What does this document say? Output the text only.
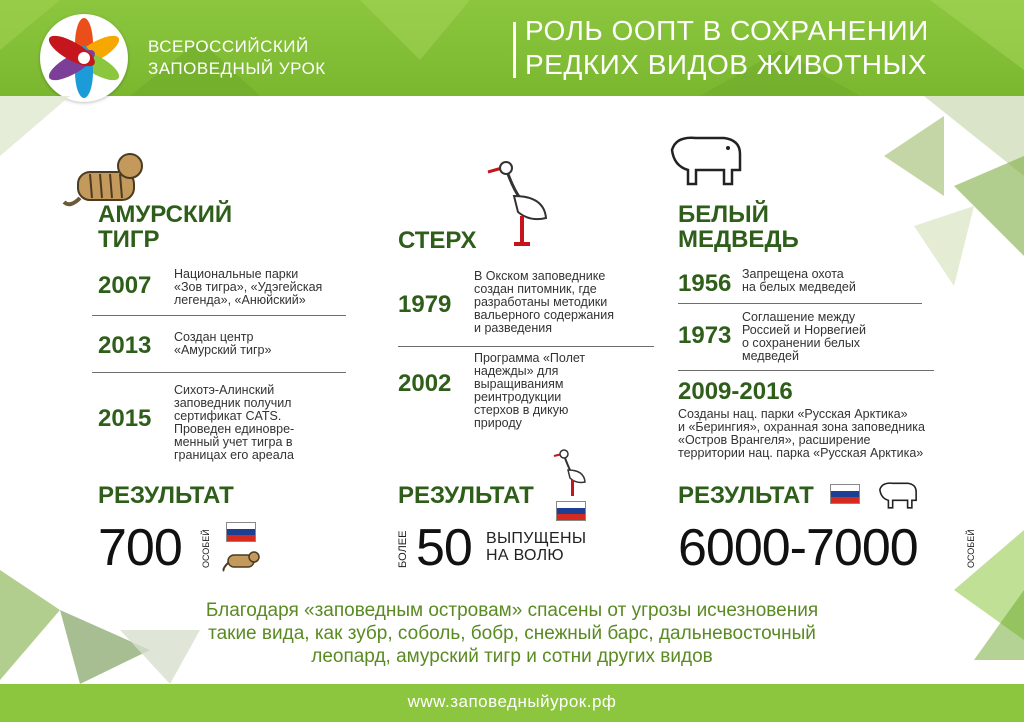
ВСЕРОССИЙСКИЙ
ЗАПОВЕДНЫЙ УРОК
РОЛЬ ООПТ В СОХРАНЕНИИ
РЕДКИХ ВИДОВ ЖИВОТНЫХ
АМУРСКИЙ
ТИГР
2007 Национальные парки
«Зов тигра», «Удэгейская
легенда», «Анюйский»
2013 Создан центр
«Амурский тигр»
2015
Сихотэ-Алинский
заповедник получил
сертификат CATS.
Проведен единовре-
менный учет тигра в
границах его ареала
РЕЗУЛЬТАТ
700 ОСОБЕЙ
СТЕРХ
В Окском заповеднике
создан питомник, где
разработаны методики
вальерного содержания
и разведения
1979
2002
Программа «Полет
надежды» для
выращиваниям
реинтродукции
стерхов в дикую
природу
РЕЗУЛЬТАТ
БОЛЕЕ 50 ВЫПУЩЕНЫ
НА ВОЛЮ
БЕЛЫЙ
МЕДВЕДЬ
1956 Запрещена охота
на белых медведей
1973
Соглашение между
Россией и Норвегией
о сохранении белых
медведей
2009-2016
Созданы нац. парки «Русская Арктика»
и «Берингия», охранная зона заповедника
«Остров Врангеля», расширение
территории нац. парка «Русская Арктика»
РЕЗУЛЬТАТ
6000-7000	ОСОБЕЙ
Благодаря «заповедным островам» спасены от угрозы исчезновения
такие вида, как зубр, соболь, бобр, снежный барс, дальневосточный
леопард, амурский тигр и сотни других видов
www.заповедныйурок.рф
